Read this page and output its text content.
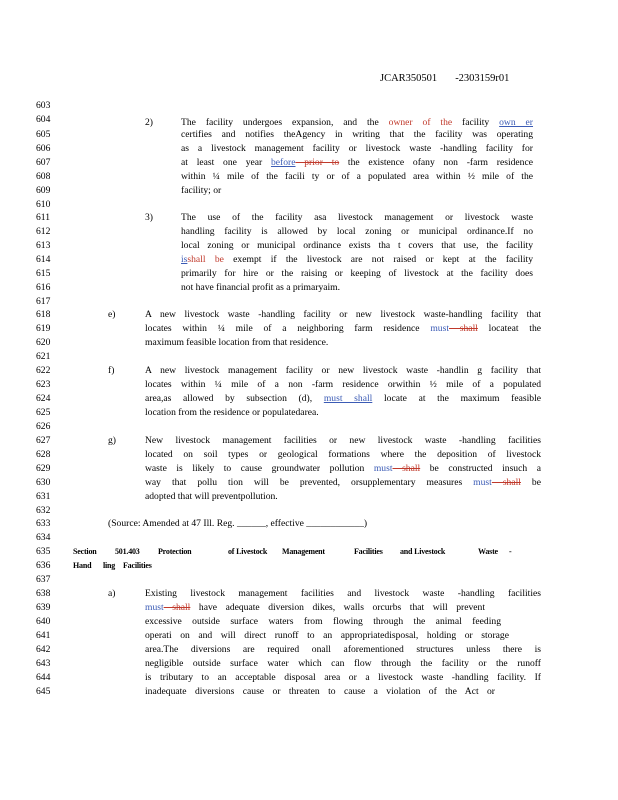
JCAR350501 -2303159r01
603
604
605
606
607
608
609
610
611
612
613
614
615
616
617
618
619
620
621
622
623
624
625
626
627
628
629
630
631
632
633
634
635
636
637
638
639
640
641
642
643
644
645
2)	The facility undergoes expansion, and the owner of the facility own er
certifies and notifies theAgency in writing that the facility was operating
as a livestock management facility or livestock waste -handling facility for
at least one year before prior to the existence ofany non -farm residence
within ¼ mile of the facili ty or of a populated area within ½ mile of the
facility; or
3)	The use of the facility asa livestock management or livestock waste
handling facility is allowed by local zoning or municipal ordinance.If no
local zoning or municipal ordinance exists tha t covers that use, the facility
isshall be exempt if the livestock are not raised or kept at the facility
primarily for hire or the raising or keeping of livestock at the facility does
not have financial profit as a primaryaim.
e)	A new livestock waste -handling facility or new livestock waste-handling facility that
locates within ¼ mile of a neighboring farm residence must shall locateat the
maximum feasible location from that residence.
f)	A new livestock management facility or new livestock waste -handlin g facility that
locates within ¼ mile of a non -farm residence orwithin ½ mile of a populated
area,as allowed by subsection (d), must shall locate at the maximum feasible
location from the residence or populatedarea.
g)	New livestock management facilities or new livestock waste -handling facilities
located on soil types or geological formations where the deposition of livestock
waste is likely to cause groundwater pollution must shall be constructed insuch a
way that pollu tion will be prevented, orsupplementary measures must shall be
adopted that will preventpollution.
(Source: Amended at 47 Ill. Reg. ______, effective ____________)
Section 501.403 Protection	of Livestock Management	Facilities and Livestock	Waste -
Hand ling Facilities
a)	Existing livestock management facilities and livestock waste -handling facilities
must shall have adequate diversion dikes, walls orcurbs that will prevent
excessive outside surface waters from flowing through the animal feeding
operati on and will direct runoff to an appropriatedisposal, holding or storage
area.The diversions are required onall aforementioned structures unless there is
negligible outside surface water which can flow through the facility or the runoff
is tributary to an acceptable disposal area or a livestock waste -handling facility. If
inadequate diversions cause or threaten to cause a violation of the Act or
